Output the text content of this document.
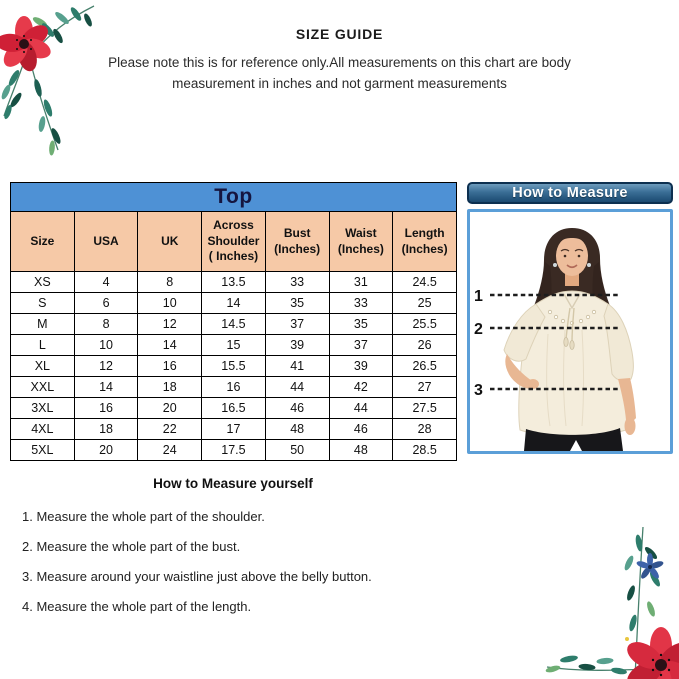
SIZE GUIDE

Please note this is for reference only.All measurements on this chart are body
measurement in inches and not garment measurements

Top						
Size	USA	UK	Across Shoulder ( Inches)	Bust (Inches)	Waist (Inches)	Length (Inches)
XS	4	8	13.5	33	31	24.5
S	6	10	14	35	33	25
M	8	12	14.5	37	35	25.5
L	10	14	15	39	37	26
XL	12	16	15.5	41	39	26.5
XXL	14	18	16	44	42	27
3XL	16	20	16.5	46	44	27.5
4XL	18	22	17	48	46	28
5XL	20	24	17.5	50	48	28.5
How to Measure
1
2
3
How to Measure yourself
1. Measure the whole part of the shoulder.
2. Measure the whole part of the bust.
3. Measure around your waistline just above the belly button.
4. Measure the whole part of the length.
